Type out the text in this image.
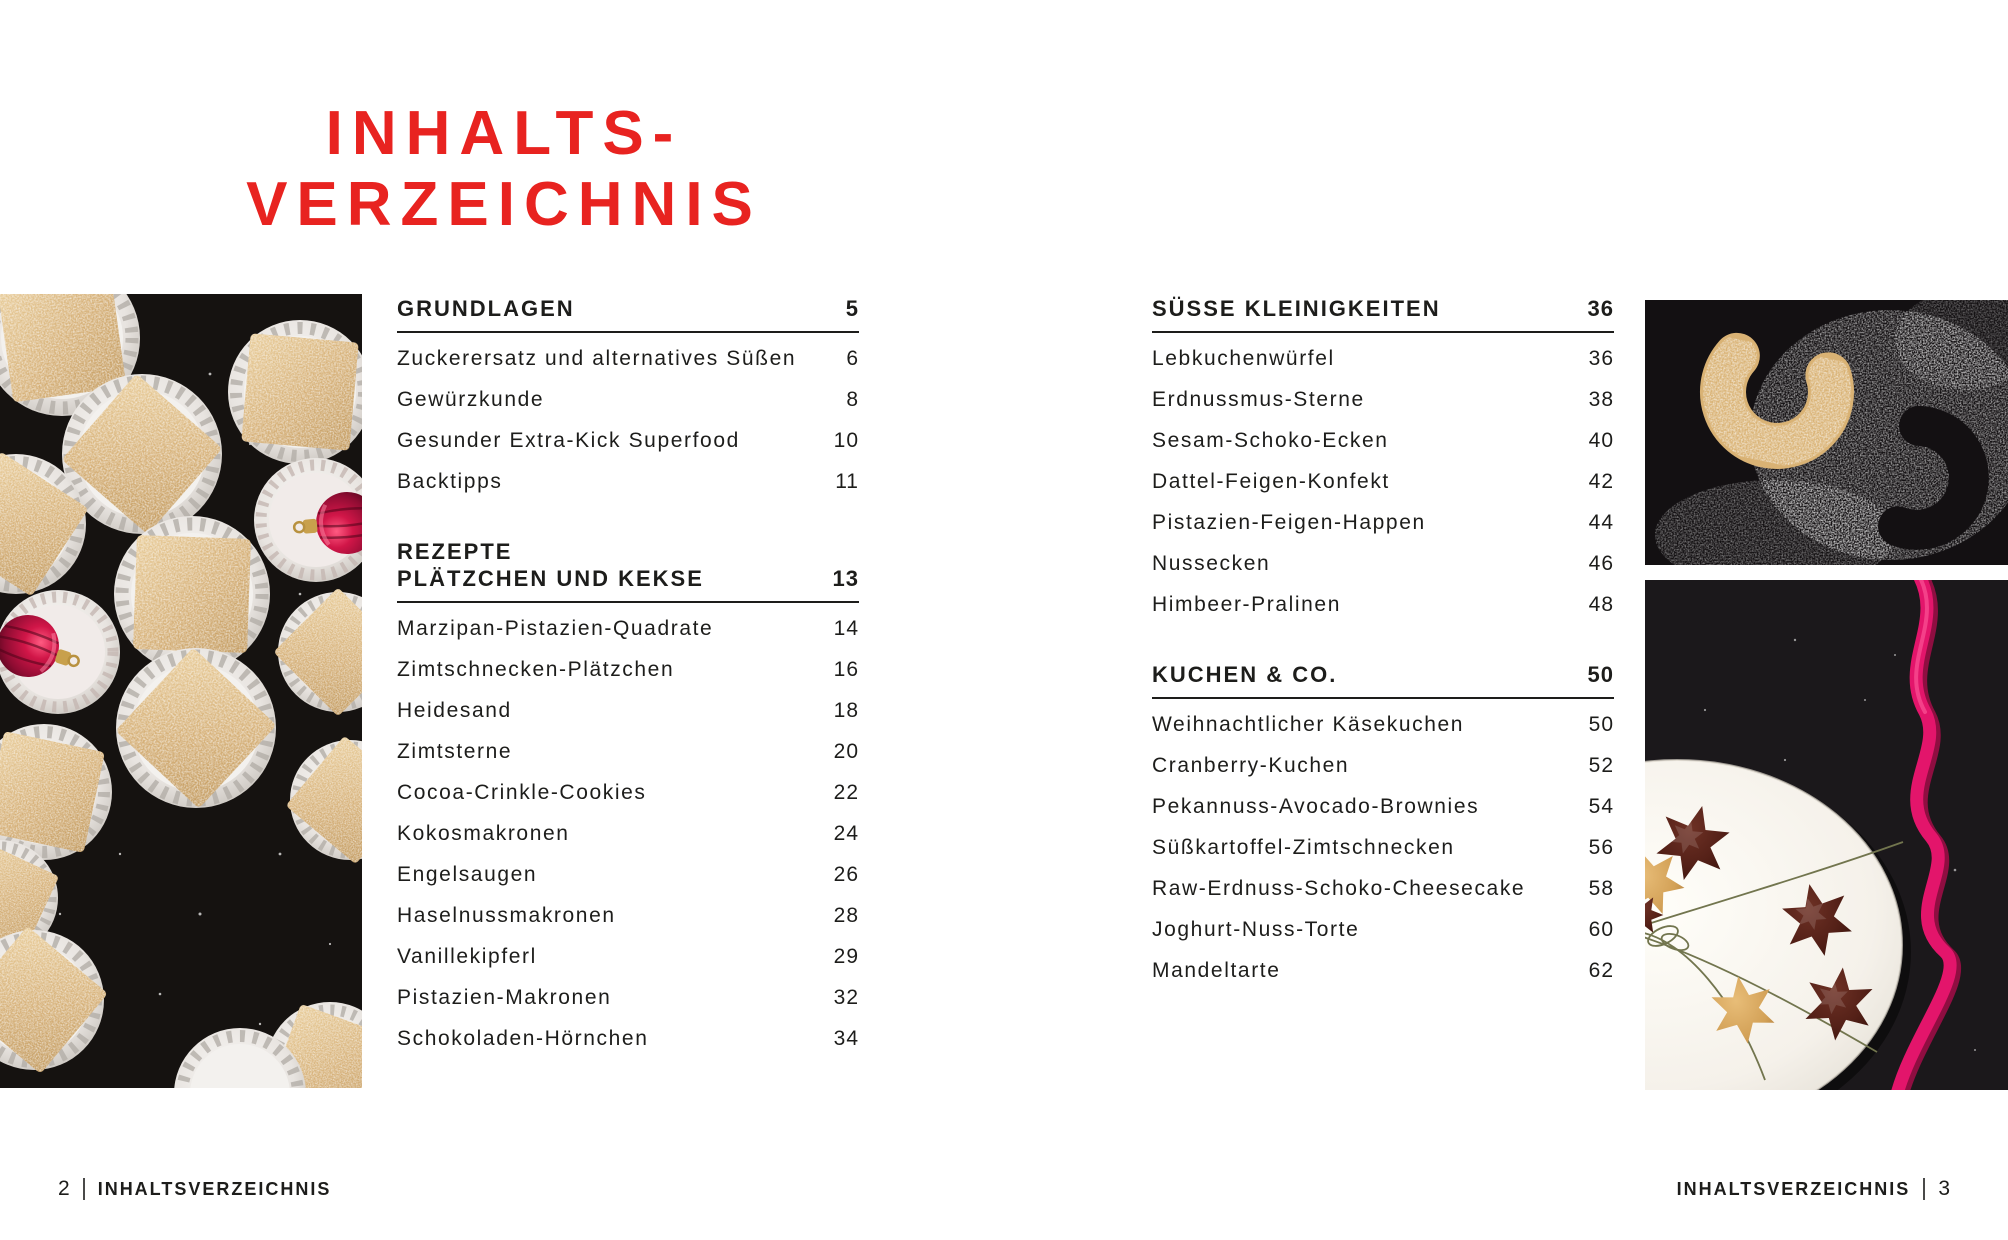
INHALTS-
VERZEICHNIS
GRUNDLAGEN	5
Zuckerersatz und alternatives Süßen 6
Gewürzkunde	8
Gesunder Extra-Kick Superfood	10
Backtipps	11
REZEPTE
PLÄTZCHEN UND KEKSE	13
Marzipan-Pistazien-Quadrate	14
Zimtschnecken-Plätzchen	16
Heidesand	18
Zimtsterne	20
Cocoa-Crinkle-Cookies	22
Kokosmakronen	24
Engelsaugen	26
Haselnussmakronen	28
Vanillekipferl	29
Pistazien-Makronen	32
Schokoladen-Hörnchen	34
SÜSSE KLEINIGKEITEN	36
Lebkuchenwürfel	36
Erdnussmus-Sterne	38
Sesam-Schoko-Ecken	40
Dattel-Feigen-Konfekt	42
Pistazien-Feigen-Happen	44
Nussecken	46
Himbeer-Pralinen	48
KUCHEN & CO.	50
Weihnachtlicher Käsekuchen	50
Cranberry-Kuchen	52
Pekannuss-Avocado-Brownies	54
Süßkartoffel-Zimtschnecken	56
Raw-Erdnuss-Schoko-Cheesecake	58
Joghurt-Nuss-Torte	60
Mandeltarte	62
2 INHALTSVERZEICHNIS	INHALTSVERZEICHNIS 3
